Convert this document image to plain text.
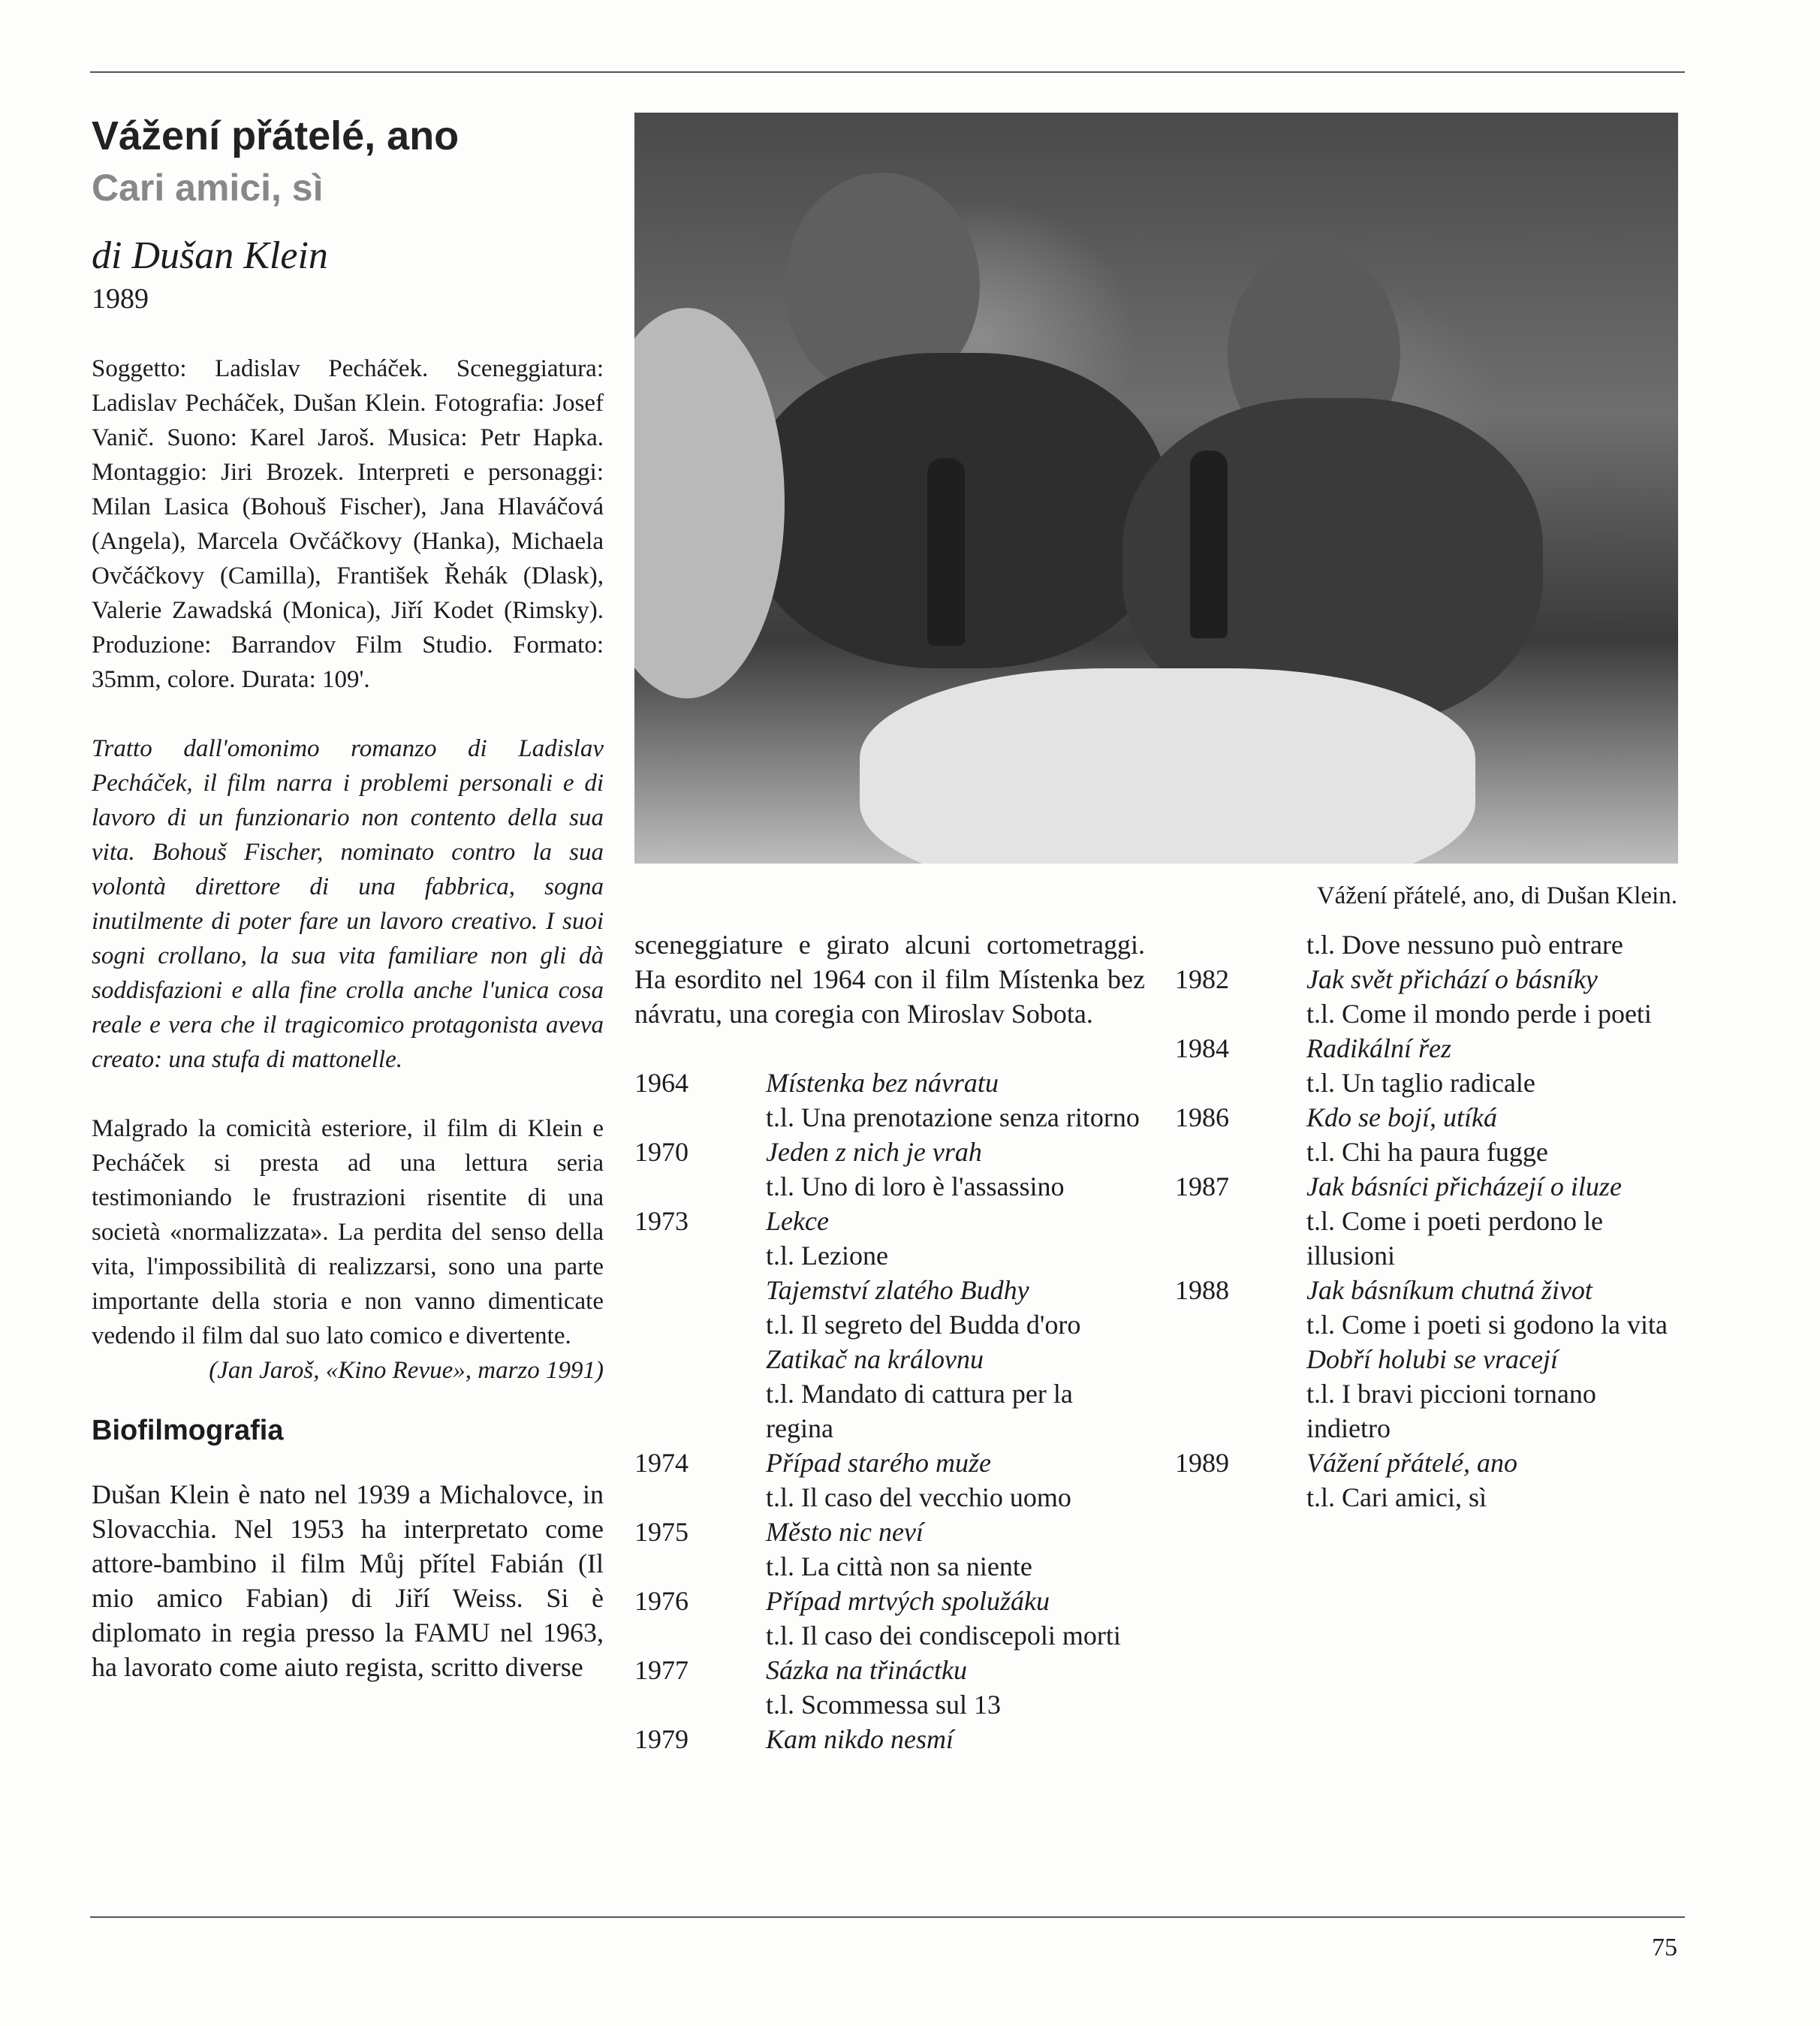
Vážení přátelé, ano
Cari amici, sì
di Dušan Klein
1989

Soggetto: Ladislav Pecháček. Sceneggiatura: Ladislav Pecháček, Dušan Klein. Fotografia: Josef Vanič. Suono: Karel Jaroš. Musica: Petr Hapka. Montaggio: Jiri Brozek. Interpreti e personaggi: Milan Lasica (Bohouš Fischer), Jana Hlaváčová (Angela), Marcela Ovčáčkovy (Hanka), Michaela Ovčáčkovy (Camilla), František Řehák (Dlask), Valerie Zawadská (Monica), Jiří Kodet (Rimsky). Produzione: Barrandov Film Studio. Formato: 35mm, colore. Durata: 109'.

Tratto dall'omonimo romanzo di Ladislav Pecháček, il film narra i problemi personali e di lavoro di un funzionario non contento della sua vita. Bohouš Fischer, nominato contro la sua volontà direttore di una fabbrica, sogna inutilmente di poter fare un lavoro creativo. I suoi sogni crollano, la sua vita familiare non gli dà soddisfazioni e alla fine crolla anche l'unica cosa reale e vera che il tragicomico protagonista aveva creato: una stufa di mattonelle.

Malgrado la comicità esteriore, il film di Klein e Pecháček si presta ad una lettura seria testimoniando le frustrazioni risentite di una società «normalizzata». La perdita del senso della vita, l'impossibilità di realizzarsi, sono una parte importante della storia e non vanno dimenticate vedendo il film dal suo lato comico e divertente.

(Jan Jaroš, «Kino Revue», marzo 1991)
Biofilmografia

Dušan Klein è nato nel 1939 a Michalovce, in Slovacchia. Nel 1953 ha interpretato come attore-bambino il film Můj přítel Fabián (Il mio amico Fabian) di Jiří Weiss. Si è diplomato in regia presso la FAMU nel 1963, ha lavorato come aiuto regista, scritto diverse

Vážení přátelé, ano, di Dušan Klein.

sceneggiature e girato alcuni cortometraggi. Ha esordito nel 1964 con il film Místenka bez návratu, una coregia con Miroslav Sobota.

1964	Místenka bez návratu
t.l. Una prenotazione senza ritorno
1970	Jeden z nich je vrah
t.l. Uno di loro è l'assassino
1973	Lekce
t.l. Lezione
Tajemství zlatého Budhy
t.l. Il segreto del Budda d'oro
Zatikač na královnu
t.l. Mandato di cattura per la regina
1974	Případ starého muže
t.l. Il caso del vecchio uomo
1975	Město nic neví
t.l. La città non sa niente
1976	Případ mrtvých spolužáku
t.l. Il caso dei condiscepoli morti
1977	Sázka na třináctku
t.l. Scommessa sul 13
1979	Kam nikdo nesmí
t.l. Dove nessuno può entrare
1982	Jak svět přichází o básníky
t.l. Come il mondo perde i poeti
1984	Radikální řez
t.l. Un taglio radicale
1986	Kdo se bojí, utíká
t.l. Chi ha paura fugge
1987	Jak básníci přicházejí o iluze
t.l. Come i poeti perdono le illusioni
1988	Jak básníkum chutná život
t.l. Come i poeti si godono la vita
Dobří holubi se vracejí
t.l. I bravi piccioni tornano indietro
1989	Vážení přátelé, ano
t.l. Cari amici, sì
75
